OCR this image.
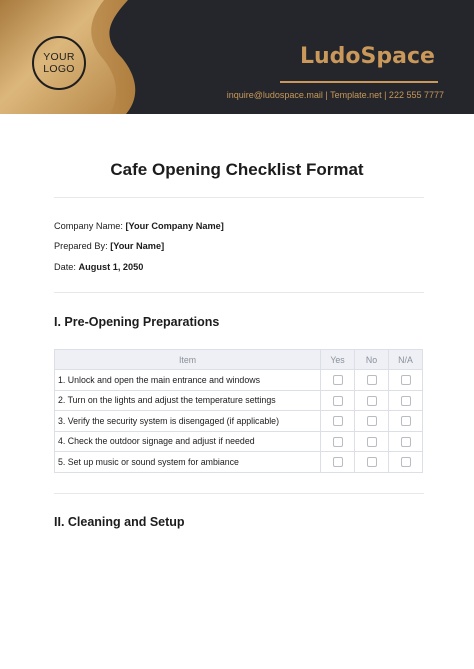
YOUR
LOGO	LudoSpace
inquire@ludospace.mail | Template.net | 222 555 7777
Cafe Opening Checklist Format
Company Name: [Your Company Name]
Prepared By: [Your Name]
Date: August 1, 2050
I. Pre-Opening Preparations
Item	Yes	No	N/A
1. Unlock and open the main entrance and windows			
2. Turn on the lights and adjust the temperature settings			
3. Verify the security system is disengaged (if applicable)			
4. Check the outdoor signage and adjust if needed			
5. Set up music or sound system for ambiance			
II. Cleaning and Setup
